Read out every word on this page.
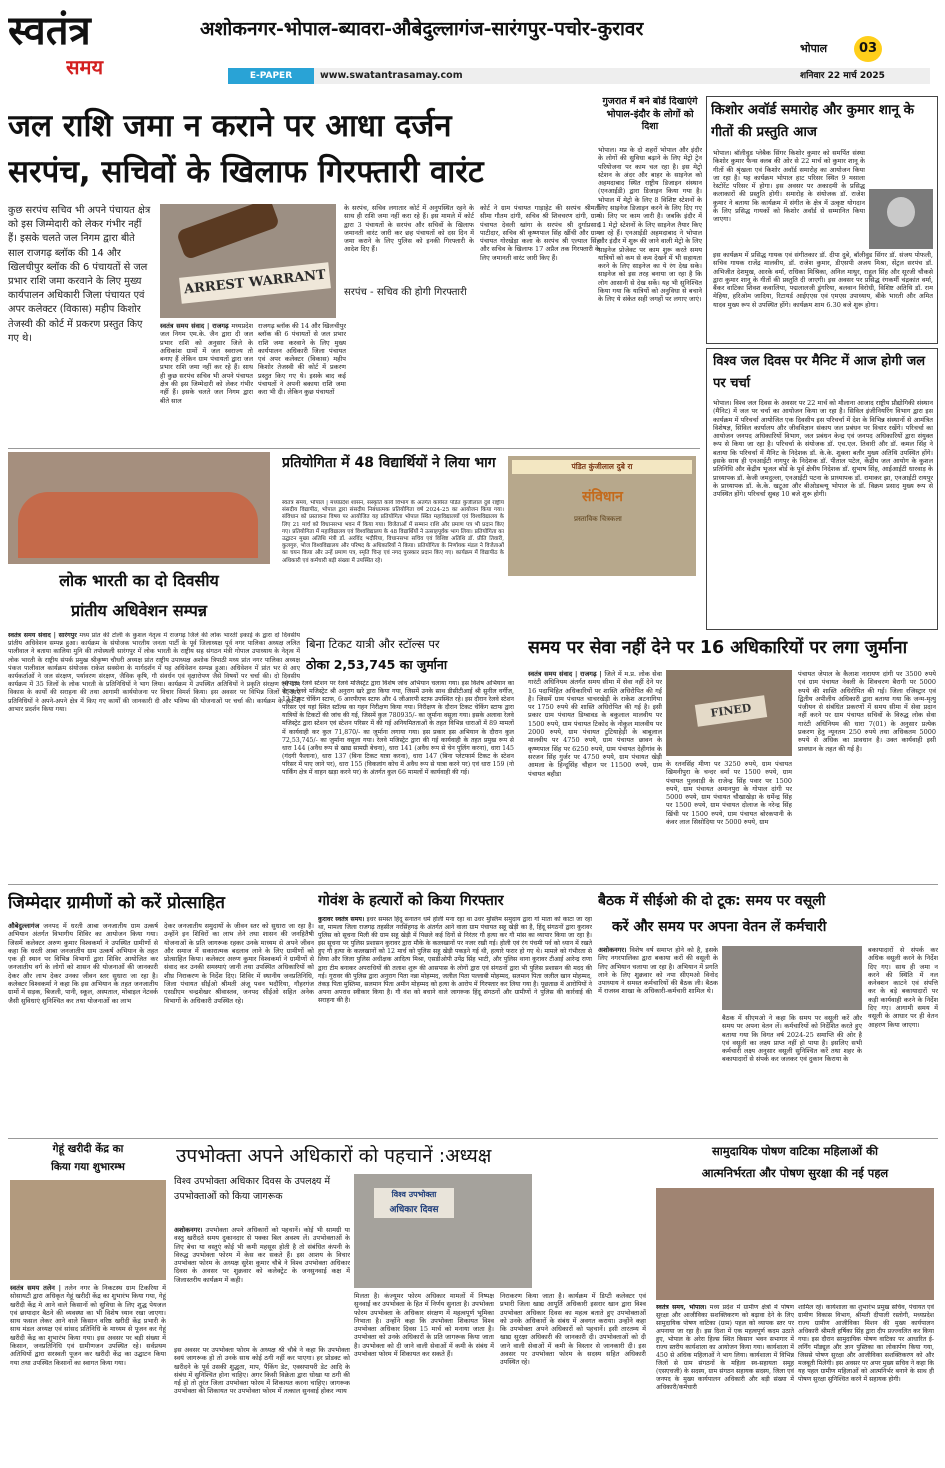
स्वतंत्र
समय
अशोकनगर-भोपाल-ब्यावरा-औबेदुल्लागंज-सारंगपुर-पचोर-कुरावर
E-PAPER	www.swatantrasamay.com
भोपाल	03
शनिवार 22 मार्च 2025
जल राशि जमा न कराने पर आधा दर्जन
सरपंच, सचिवों के खिलाफ गिरफ्तारी वारंट
कुछ सरपंच सचिव भी अपने पंचायत क्षेत्र को इस जिम्मेदारी को लेकर गंभीर नहीं हैं। इसके चलते जल निगम द्वारा बीते साल राजगढ़ ब्लॉक की 14 और खिलचीपुर ब्लॉक की 6 पंचायतों से जल प्रभार राशि जमा करवाने के लिए मुख्य कार्यपालन अधिकारी जिला पंचायत एवं अपर कलेक्टर (विकास) महीप किशोर तेजस्वी की कोर्ट में प्रकरण प्रस्तुत किए गए थे।
ARREST WARRANT
स्वतंत्र समय संवाद | राजगढ़ मध्यप्रदेश जल निगम एम.के. जैन द्वारा दी जल प्रभार राशि को अनुसार जिले के अधिकांश ग्रामों में जल स्वराज्य तो बनाए हैं लेकिन ग्राम पंचायतों द्वारा जल प्रभार राशि जमा नहीं कर रहे हैं। साथ ही कुछ सरपंच सचिव भी अपने पंचायत क्षेत्र की इस जिम्मेदारी को लेकर गंभीर नहीं हैं। इसके चलते जल निगम द्वारा बीते साल
राजगढ़ ब्लॉक की 14 और खिलचीपुर ब्लॉक की 6 पंचायतों से जल प्रभार राशि जमा करवाने के लिए मुख्य कार्यपालन अधिकारी जिला पंचायत एवं अपर कलेक्टर (विकास) महीप किशोर तेजस्वी की कोर्ट में प्रकरण प्रस्तुत किए गए थे। इसके बाद कई पंचायतों ने अपनी बकाया राशि जमा करा भी दी। लेकिन कुछ पंचायतों
के सरपंच, सचिव लगातार कोर्ट में अनुपस्थित रहने के साथ ही राशि जमा नहीं करा रहे हैं। इस मामले में कोर्ट द्वारा 3 पंचायतों के सरपंच और सचिवों के खिलाफ जमानती वारंट जारी कर छह पंचायतों को दस दिन में जमा कराने के लिए पुलिस को इनकी गिरफ्तारी के आदेश दिए हैं।
सरपंच - सचिव की होगी गिरफ्तारी
कोर्ट ने ग्राम पंचायत गाड़ाहेट की सरपंच श्रीमती सीमा गौतम दांगी, सचिव श्री शिवचरण दांगी, ग्राम पंचायत देवली खांगा के सरपंच श्री दुर्गाप्रसाद पाटीदार, सचिव श्री कृष्णपाल सिंह खींची और ग्राम पंचायत गोरखेड़ा कला के सरपंच श्री एल्पाल सिंह और सचिव के खिलाफ 17 अप्रैल तक गिरफ्तारी के लिए जमानती वारंट जारी किए हैं।
गुजरात में बने बोर्ड दिखाएंगे भोपाल-इंदौर के लोगों को दिशा
भोपाल। मप्र के दो शहरों भोपाल और इंदौर के लोगों की सुविधा बढ़ाने के लिए मेट्रो ट्रेन परियोजना पर काम चल रहा है। इस मेट्रो स्टेशन के अंदर और बाहर के साइनेज को अहमदाबाद स्थित राष्ट्रीय डिजाइन संस्थान (एनआईडी) द्वारा डिजाइन किया गया है। भोपाल में मेट्रो के लिए 8 विशिष्ट स्टेशनों के लिए साइनेज डिजाइन करने के लिए दिए गए थे। लिए पर काम जारी है। जबकि इंदौर में 11 मेट्रो स्टेशनों के लिए साइनेज तैयार किए जा रहे हैं। एनआईडी अहमदाबाद ने भोपाल और इंदौर में शुरू की जाने वाली मेट्रो के लिए साइनेज प्रोजेक्ट पर काम शुरू करते समय यात्रियों को कम से कम देखने में भी सहायता करने के लिए साइनेज का ये रंग देख सके। साइनेज को इस तरह बनाया जा रहा है कि लोग आसानी से देख सकें। यह भी सुनिश्चित किया गया कि यात्रियों को अनुविधा से बचाने के लिए ये संकेत सही जगहों पर लगाए जाएं।
किशोर अवॉर्ड समारोह और कुमार शानू के गीतों की प्रस्तुति आज
भोपाल। बॉलीवुड प्लेबैक सिंगर किशोर कुमार को समर्पित संस्था किशोर कुमार फैन्स क्लब की ओर से 22 मार्च को कुमार शानू के गीतों की श्रृंखला एवं किशोर अवॉर्ड समारोह का आयोजन किया जा रहा है। यह कार्यक्रम भोपाल हाट परिसर स्थित 9 मसाला रेस्टोरेंट परिसर में होगा। इस अवसर पर अकादमी के प्रसिद्ध कलाकारों की प्रस्तुति होगी। समारोह के संयोजक डॉ. राजेश कुमार ने बताया कि कार्यक्रम में संगीत के क्षेत्र में उत्कृष्ट योगदान के लिए प्रसिद्ध गायकों को किशोर अवॉर्ड से सम्मानित किया जाएगा।
इस कार्यक्रम में प्रसिद्ध गायक एवं संगीतकार डॉ. दीपा दुबे, बॉलीवुड सिंगर डॉ. संजय पोफली, सचिव गायक राजेंद्र मालवीय, डॉ. राजेश कुमार, डीएसपी अजय मिश्रा, सेंट्रल सरपंच डॉ. अभिजीत देशमुख, आरके वर्मा, राधिका मिश्रिका, अनिल माथुर, राहुल सिंह और सूरजी चौकसे द्वारा कुमार शानू के गीतों की प्रस्तुति दी जाएगी। इस अवसर पर प्रसिद्ध रंगकर्मी चंद्रकांत वर्मा, बैंकर वाटिका शिवश कवालिया, पद्मलालजी डुंगरिया, बलवान विरोधी, विशिष्ट अतिथि डॉ. राम मेहिया, हरिओम जादिया, रिटायर्ड आईएएस एवं एमएस उपाध्याय, बीके भारती और अमित यादव मुख्य रूप से उपस्थित होंगे। कार्यक्रम शाम 6.30 बजे शुरू होगा।
विश्व जल दिवस पर मैनिट में आज होगी जल पर चर्चा
भोपाल। विश्व जल दिवस के अवसर पर 22 मार्च को मौलाना आजाद राष्ट्रीय प्रौद्योगिकी संस्थान (मैनिट) में जल पर चर्चा का आयोजन किया जा रहा है। सिविल इंजीनियरिंग विभाग द्वारा इस कार्यक्रम में परिचर्चा आयोजित एक दिवसीय इस परिचर्चा में देश के विभिन्न संस्थानों से आमंत्रित विशेषज्ञ, सिविल कार्यालय और जीवविज्ञान संकाय जल प्रबंधन पर विचार रखेंगे। परिचर्चा का आयोजन जनपद अधिकारियों विभाग, जल प्रबंधन केन्द्र एवं जनपद अधिकारियों द्वारा संयुक्त रूप से किया जा रहा है। परिचर्चा के संयोजक डॉ. एच.एल. तिवारी और डॉ. कमल सिंह ने बताया कि परिचर्चा में मैनिट के निदेशक डॉ. के.के. शुक्ला बतौर मुख्य अतिथि उपस्थित होंगे। इसके साथ ही एनआईटी नागपुर के निदेशक डॉ. पीताल पटेल, केंद्रीय जल आयोग के कुशल प्रतिनिधि और केंद्रीय भूजल बोर्ड के पूर्व क्षेत्रीय निदेशक डॉ. सुभाष सिंह, आईआईटी धारवाड़ के प्राध्यापक डॉ. केजी जमदुल्ला, एनआईटी पटना के प्राध्यापक डॉ. रामाकर झा, एनआईटी रायपुर के प्राध्यापक डॉ. के.के. खटूआ और बीओडब्ल्यू भोपाल के डॉ. विक्रम प्रसाद मुख्य रूप से उपस्थित होंगे। परिचर्चा सुबह 10 बजे शुरू होगी।
लोक भारती का दो दिवसीय
प्रांतीय अधिवेशन सम्पन्न
प्रतियोगिता में 48 विद्यार्थियों ने लिया भाग
स्वतंत्र समय, भोपाल | मध्यप्रदेश शासन, संस्कृति कार्य विभाग के अंतर्गत कार्यरत पंडित कुंजीलाल दुबे राष्ट्रीय संसदीय विद्यापीठ, भोपाल द्वारा संसदीय निबंधात्मक प्रतियोगिता वर्ष 2024-25 का आयोजन किया गया। संविधान को प्रस्तावना विषय पर आयोजित यह प्रतियोगिता भोपाल स्थित महाविद्यालयों एवं विश्वविद्यालय के लिए 21 मार्च को विधानसभा भवन में किया गया। विजेताओं में सम्मान राशि और प्रमाण पत्र भी प्रदान किए गए। प्रतियोगिता में महाविद्यालय एवं विश्वविद्यालय के 48 विद्यार्थियों ने उत्साहपूर्वक भाग लिया। प्रतियोगिता का उद्घाटन मुख्य अतिथि मंत्री डॉ. अरविंद भदौरिया, विधानसभा सचिव एवं विशिष्ट अतिथि डॉ. प्रीति तिवारी, कुलगुरु, भोज विश्वविद्यालय और परिषद के अधिकारियों ने किया। प्रतियोगिता के निर्णायक मंडल ने विजेताओं का चयन किया और उन्हें प्रमाण पत्र, स्मृति चिन्ह एवं नगद पुरस्कार प्रदान किए गए। कार्यक्रम में विद्यापीठ के अधिकारी एवं कर्मचारी बड़ी संख्या में उपस्थित रहे।
पंडित कुंजीलाल दुबे रा
संविधान
प्रस्ताविक चित्रकला
स्वतंत्र समय संवाद | सारंगपुर मध्य प्रांत की टोली के कुशल नेतृत्व में राजगढ़ जिले की लोक भारती इकाई के द्वारा दो दिवसीय प्रांतीय अधिवेशन सम्पन्न हुआ। कार्यक्रम के संयोजक भारतीय जनता पार्टी के पूर्व जिलाध्यक्ष पूर्व नगर पालिका अध्यक्ष ललित पालीवाल ने बताया कालिया मुनि की तपोस्थली सारंगपुर में लोक भारती के राष्ट्रीय सह संगठन मंत्री गोपाल उपाध्याय के नेतृत्व में लोक भारती के राष्ट्रीय संपर्क प्रमुख श्रीकृष्ण चौधरी अध्यक्ष प्रांत राष्ट्रीय उपाध्यक्ष अशोक त्रिपाठी मध्य प्रांत नगर पालिका अध्यक्ष पंकज पालीवाल कार्यक्रम संयोजक राकेश सक्सेना के मार्गदर्शन में यह अधिवेशन सम्पन्न हुआ। अधिवेशन में प्रांत भर से आए कार्यकर्ताओं ने जल संरक्षण, पर्यावरण संरक्षण, जैविक कृषि, गौ संवर्धन एवं वृक्षारोपण जैसे विषयों पर चर्चा की। दो दिवसीय कार्यक्रम में 35 जिलों के लोक भारती के प्रतिनिधियों ने भाग लिया। कार्यक्रम में उपस्थित अतिथियों ने प्रकृति संरक्षण एवं ग्राम विकास के कार्यों की सराहना की तथा आगामी कार्ययोजना पर विचार विमर्श किया। इस अवसर पर विभिन्न जिलों से आए प्रतिनिधियों ने अपने-अपने क्षेत्र में किए गए कार्यों की जानकारी दी और भविष्य की योजनाओं पर चर्चा की। कार्यक्रम के अंत में आभार प्रदर्शन किया गया।
बिना टिकट यात्री और स्टॉल्स पर
ठोका 2,53,745 का जुर्माना
भोपाल। रेलवे स्टेशन पर रेलवे मजिस्ट्रेट द्वारा विशेष जांच अभियान चलाया गया। इस विशेष अभियान का नेतृत्व रेलवे मजिस्ट्रेट श्री अनुराग खरे द्वारा किया गया, जिसमें उनके साथ डीसीटीआई श्री सुनील वर्गीज, 13 टिकट चेकिंग स्टाफ, 6 आरपीएफ स्टाफ और 4 जीआरपी स्टाफ उपस्थित रहे। इस दौरान रेलवे स्टेशन परिसर एवं यहां स्थित स्टॉल्स का गहन निरीक्षण किया गया। निरीक्षण के दौरान टिकट चेकिंग स्टाफ द्वारा यात्रियों के टिकटों की जांच की गई, जिसमें कुल 780935/- का जुर्माना वसूला गया। इसके अलावा रेलवे मजिस्ट्रेट द्वारा स्टेशन एवं स्टेशन परिसर में की गई अनियमितताओं के तहत विभिन्न धाराओं में 89 मामलों में कार्यवाही कर कुल 71,870/- का जुर्माना लगाया गया। इस प्रकार इस अभियान के दौरान कुल 72,53,745/- का जुर्माना वसूला गया। रेलवे मजिस्ट्रेट द्वारा की गई कार्यवाही के तहत प्रमुख रूप से धारा 144 (अवैध रूप से खाद्य सामग्री बेचना), धारा 141 (अवैध रूप से चेन पुलिंग करना), धारा 145 (गंदगी फैलाना), धारा 137 (बिना टिकट यात्रा करना), धारा 147 (बिना प्लेटफार्म टिकट के स्टेशन परिसर में पाए जाने पर), धारा 155 (विकलांग कोच में अवैध रूप से यात्रा करने पर) एवं धारा 159 (नो पार्किंग क्षेत्र में वाहन खड़ा करने पर) के अंतर्गत कुल 66 मामलों में कार्यवाही की गई।
समय पर सेवा नहीं देने पर 16 अधिकारियों पर लगा जुर्माना
स्वतंत्र समय संवाद | राजगढ़ | जिले में म.प्र. लोक सेवा गारंटी अधिनियम अंतर्गत समय सीमा में सेवा नहीं देने पर 16 पदाभिहित अधिकारियों पर शास्ति अधिरोपित की गई है। जिसमें ग्राम पंचायत चाचरखेड़ी के राकेश अटनागिया पर 1750 रुपये की शास्ति अधिरोपित की गई है। इसी प्रकार ग्राम पंचायत डिग्बावड के बकुलाल मालवीय पर 1500 रुपये, ग्राम पंचायत टिकोद के नोकुल मालवीय पर 2000 रुपये, ग्राम पंचायत टुटियाहेड़ी के बाबूलाल मालवीय पर 4750 रुपये, ग्राम पंचायत छावन के कृष्णपाल सिंह पर 6250 रुपये, ग्राम पंचायत देहीगांव के सरजन सिंह गुर्जर पर 4750 रुपये, ग्राम पंचायत खेड़ी आमला के हिन्दूसिंह चौहान पर 11500 रुपये, ग्राम पंचायत बहीडा
FINED
के रतनसिंह मीणा पर 3250 रुपये, ग्राम पंचायत खिमनीपुरा के चन्दर वर्मा पर 1500 रुपये, ग्राम पंचायत पुलवाड़ी के राजेन्द्र सिंह पवार पर 1500 रुपये, ग्राम पंचायत अमानपुरा के गोपाल दांगी पर 5000 रुपये, ग्राम पंचायत चौखाखेड़ा के धर्मेन्द्र सिंह पर 1500 रुपये, ग्राम पंचायत दोलाज के नरेन्द्र सिंह खिंची पर 1500 रुपये, ग्राम पंचायत बोरकपानी के कंवर लाल सिसोदिया पर 5000 रुपये, ग्राम
पंचायत जेपाल के कैलाश नारायण दांगी पर 3500 रुपये एवं ग्राम पंचायत नेवली के शिवचरण बैरागी पर 5000 रुपये की शास्ति अधिरोपित की गई। जिला रजिस्ट्रार एवं द्वितीय अपीलीय अधिकारी द्वारा बताया गया कि जन्म-मृत्यु पंजीयन से संबंधित प्रकरणों में समय सीमा में सेवा प्रदान नहीं करने पर ग्राम पंचायत सचिवों के विरुद्ध लोक सेवा गारंटी अधिनियम की धारा 7(01) के अनुसार प्रत्येक प्रकरण हेतु न्यूनतम 250 रुपये तथा अधिकतम 5000 रुपये से अधिक का प्रावधान है। उक्त कार्यवाही इसी प्रावधान के तहत की गई है।
जिम्मेदार ग्रामीणों को करें प्रोत्साहित
औबेदुल्लागंज जनपद में धरती आबा जनजातीय ग्राम उत्कर्ष अभियान अंतर्गत विभागीय शिविर का आयोजन किया गया। जिसमें कलेक्टर अरुण कुमार विश्वकर्मा ने उपस्थित ग्रामीणों से कहा कि धरती आबा जनजातीय ग्राम उत्कर्ष अभियान के तहत एक ही स्थान पर विभिन्न विभागों द्वारा शिविर आयोजित कर जनजातीय वर्ग के लोगों को शासन की योजनाओं की जानकारी देकर और लाभ देकर उनका जीवन स्तर सुधारा जा रहा है। कलेक्टर विश्वकर्मा ने कहा कि इस अभियान के तहत जनजातीय ग्रामों में सड़क, बिजली, पानी, स्कूल, अस्पताल, मोबाइल नेटवर्क जैसी सुविधाएं सुनिश्चित कर तथा योजनाओं का लाभ
देकर जनजातीय समुदायों के जीवन स्तर को सुधारा जा रहा है। उन्होंने इन शिविरों का लाभ लेने तथा शासन की जनहितैषी योजनाओं के प्रति जागरूक रहकर उनके माध्यम से अपने जीवन और समाज में सकारात्मक बदलाव लाने के लिए ग्रामीणों को प्रोत्साहित किया। कलेक्टर अरुण कुमार विश्वकर्मा ने ग्रामीणों से संवाद कर उनकी समस्याएं जानी तथा उपस्थित अधिकारियों को शीघ्र निराकरण के निर्देश दिए। शिविर में स्थानीय जनप्रतिनिधि, जिला पंचायत सीईओ श्रीमती अंजू पवन भदौरिया, गौहरगंज एसडीएम चन्द्रशेखर श्रीवास्तव, जनपद सीईओ सहित अनेक विभागों के अधिकारी उपस्थित रहे।
गोवंश के हत्यारों को किया गिरफ्तार
कुरावर स्वतंत्र समय। इधर समस्त हिंदू सनातन धर्म होली मना रहा था उधर मुस्लिम समुदाय द्वारा गो माता को काटा जा रहा था, मामला जिला राजगढ़ तहसील नरसिंहगढ़ के अंतर्गत आने वाला ग्राम पंचायत सहू खेड़ी का है, हिंदू संगठनों द्वारा कुरावर पुलिस को सूचना मिली की ग्राम सहू खेड़ी में पिछले कई दिनों से निरंतर गौ हत्या कर गौ मांस का व्यापार किया जा रहा है। इस सूचना पर पुलिस प्रशासन कुरावर द्वारा मौके के कत्लखानों पर नजर रखी गई। होली एवं रंग पंचमी पर्व को ध्यान में रखते हुए गौ हत्या के कत्लखानों को 12 मार्च को पुलिस सहू खेड़ी पकड़ने गई थी, हत्यारे फरार हो गए थे। मामले को गंभीरता से लिया और जिला पुलिस अधीक्षक आदित्य मिश्रा, एसडीओपी उपेंद्र सिंह भाटी, और पुलिस थाना कुरावर टीआई आरेन्द्र राणा द्वारा टीम बनाकर अपराधियों की तलाश शुरू की आसपास के लोगों द्वारा एवं संगठनों द्वारा भी पुलिस प्रशासन की मदद की गई। गुरावर की पुलिस द्वारा अनुराग पिता नन्ना मोहम्मद, जलील पिता पल्लाबी मोहम्मद, सलमान पिता जलील खान मोहम्मद, तंकड़ पिता मुस्तिमा, सलमान पिता अमीन मोहम्मद को हत्या के आरोप में गिरफ्तार कर लिया गया है। पूछताछ में आरोपियों ने अपना अपराध स्वीकार किया है। गौ वंश को बचाने वाले जागरूक हिंदू संगठनों और ग्रामीणों ने पुलिस की कार्रवाई की सराहना की है।
बैठक में सीईओ की दो टूक: समय पर वसूली
करें और समय पर अपना वेतन लें कर्मचारी
अशोकनगर। विशेष वर्ष समाप्त होने को है, इसके लिए नगरपालिका द्वारा बकाया करों की वसूली के लिए अभियान चलाया जा रहा है। अभियान में प्रगति लाने के लिए शुक्रवार को नपा सीएमओ विनोद उपाध्याय ने समस्त कर्मचारियों की बैठक ली। बैठक में राजस्व शाखा के अधिकारी-कर्मचारी शामिल थे।
बैठक में सीएमओ ने कहा कि समय पर वसूली करें और समय पर अपना वेतन लें। कर्मचारियों को निर्देशित करते हुए बताया गया कि विगत वर्ष 2024-25 समाप्ति की ओर है एवं वसूली का लक्ष्य प्राप्त नहीं हो पाया है। इसलिए सभी कर्मचारी लक्ष्य अनुसार वसूली सुनिश्चित करें तथा शहर के बकायादारों से संपर्क कर जलकर एवं दुकान किराया के
बकायादारों से संपर्क कर अधिक वसूली करने के निर्देश दिए गए। साथ ही जमा न करने की स्थिति में नल कनेक्शन काटने एवं संपत्ति कर के बड़े बकायादारों पर कड़ी कार्यवाही करने के निर्देश दिए गए। आगामी समय में वसूली के आधार पर ही वेतन आहरण किया जाएगा।
गेहूं खरीदी केंद्र का
किया गया शुभारम्भ
स्वतंत्र समय तलेन | तलेन नगर के निकटस्थ ग्राम टिकरिया में सोसायटी द्वारा अधिकृत गेहूं खरीदी केंद्र का शुभारंभ किया गया, गेहूं खरीदी केंद्र मे आने वाले किसानों को सुविधा के लिए शुद्ध पेयजल एवं छायादार बैठने की व्यवस्था का भी विशेष ध्यान रखा जाएगा। साथ फसल लेकर आने वाले किसान वरिष्ठ खरीदी केंद्र प्रभारी के साथ मंडल अध्यक्ष एवं सांसद प्रतिनिधि के माध्यम से पूजन कर गेहूं खरीदी केंद्र का शुभारंभ किया गया। इस अवसर पर बड़ी संख्या में किसान, जनप्रतिनिधि एवं ग्रामीणजन उपस्थित रहे। सर्वप्रथम अतिथियों द्वारा सरस्वती पूजन कर खरीदी केंद्र का उद्घाटन किया गया तथा उपस्थित किसानों का स्वागत किया गया।
उपभोक्ता अपने अधिकारों को पहचानें :अध्यक्ष
विश्व उपभोक्ता अधिकार दिवस के उपलक्ष्य में उपभोक्ताओं को किया जागरूक	विश्व उपभोक्ता
अधिकार दिवस
अशोकनगर। उपभोक्ता अपने अधिकारों को पहचानें। कोई भी सामग्री या वस्तु खरीदते समय दुकानदार से पक्का बिल अवश्य लें। उपभोक्ताओं के लिए बेचा या वस्तुएं कोई भी कमी महसूस होती है तो संबंधित कंपनी के विरुद्ध उपभोक्ता फोरम में केस कर सकते हैं। इस आशय के विचार उपभोक्ता फोरम के अध्यक्ष सुरेश कुमार चौबे ने विश्व उपभोक्ता अधिकार दिवस के अवसर पर शुक्रवार को कलेक्ट्रेट के जनसुनवाई कक्ष में जिलास्तरीय कार्यक्रम में कही।
इस अवसर पर उपभोक्ता फोरम के अध्यक्ष श्री चौबे ने कहा कि उपभोक्ता स्वयं जागरूक हो तो उनके साथ कोई ठगी नहीं कर पाएगा। हर प्रोडक्ट को खरीदने के पूर्व उसकी शुद्धता, माप, पैकिंग डेट, एक्सपायरी डेट आदि के संबंध में सुनिश्चित होना चाहिए। अगर किसी विक्रेता द्वारा धोखा या ठगी की गई हो तो तुरंत जिला उपभोक्ता फोरम में शिकायत करना चाहिए। जागरूक उपभोक्ता की शिकायत पर उपभोक्ता फोरम में तत्काल सुनवाई होकर न्याय
मिलता है। कंज्यूमर फोरम अधिकार मामलों में निष्पक्ष सुनवाई कर उपभोक्ता के हित में निर्णय सुनाता है। उपभोक्ता फोरम उपभोक्ता के अधिकार संरक्षण में महत्वपूर्ण भूमिका निभाता है। उन्होंने कहा कि उपभोक्ता शिकायत विश्व उपभोक्ता अधिकार दिवस 15 मार्च को मनाया जाता है। उपभोक्ता को उनके अधिकारों के प्रति जागरूक किया जाता है। उपभोक्ता को दी जाने वाली सेवाओं में कमी के संबंध में उपभोक्ता फोरम में शिकायत कर सकते हैं।
निराकरण किया जाता है। कार्यक्रम में डिप्टी कलेक्टर एवं प्रभारी जिला खाद्य आपूर्ति अधिकारी इसरार खान द्वारा विश्व उपभोक्ता अधिकार दिवस का महत्व बताते हुए उपभोक्ताओं को उनके अधिकारों के संबंध में अवगत कराया। उन्होंने कहा कि उपभोक्ता अपने अधिकारों को पहचानें। इसी तारतम्य में खाद्य सुरक्षा अधिकारी की जानकारी दी। उपभोक्ताओं को दी जाने वाली सेवाओं में कमी के विस्तार से जानकारी दी। इस अवसर पर उपभोक्ता फोरम के सदस्य सहित अधिकारी उपस्थित रहे।
सामुदायिक पोषण वाटिका महिलाओं की
आत्मनिर्भरता और पोषण सुरक्षा की नई पहल
स्वतंत्र समय, भोपाल। मध्य प्रदेश में ग्रामीण क्षेत्रों में पोषण सुरक्षा और आजीविका सशक्तिकरण को बढ़ावा देने के लिए सामुदायिक पोषण वाटिका (ग्राम) पहल को व्यापक स्तर पर अपनाया जा रहा है। इस दिशा में एक महत्वपूर्ण कदम उठाते हुए, भोपाल के अरेरा हिल्स स्थित किसान भवन सभागार में राज्य स्तरीय कार्यशाला का आयोजन किया गया। कार्यशाला में 450 से अधिक महिलाओं ने भाग लिया। कार्यशाला में विभिन्न जिलों से ग्राम संगठनों के महिला स्व-सहायता समूह (एसएचजी) के सदस्य, ग्राम संगठन सहायक सदस्य, जिला एवं जनपद के मुख्य कार्यपालन अधिकारी और बड़ी संख्या में अधिकारी/कर्मचारी
शामिल रहे। कार्यशाला का शुभारंभ प्रमुख सचिव, पंचायत एवं ग्रामीण विकास विभाग, श्रीमती दीपाली रस्तोगी, मध्यप्रदेश राज्य ग्रामीण आजीविका मिशन की मुख्य कार्यपालन अधिकारी श्रीमती हर्षिका सिंह द्वारा दीप प्रज्ज्वलित कर किया गया। इस दौरान सामुदायिक पोषण वाटिका पर आधारित ई-लर्निंग मॉड्यूल और ज्ञान पुस्तिका का लोकार्पण किया गया, जिससे पोषण सुरक्षा और आजीविका सशक्तिकरण को और मजबूती मिलेगी। इस अवसर पर अपर मुख्य सचिव ने कहा कि यह पहल ग्रामीण महिलाओं को आत्मनिर्भर बनाने के साथ ही पोषण सुरक्षा सुनिश्चित करने में सहायक होगी।
